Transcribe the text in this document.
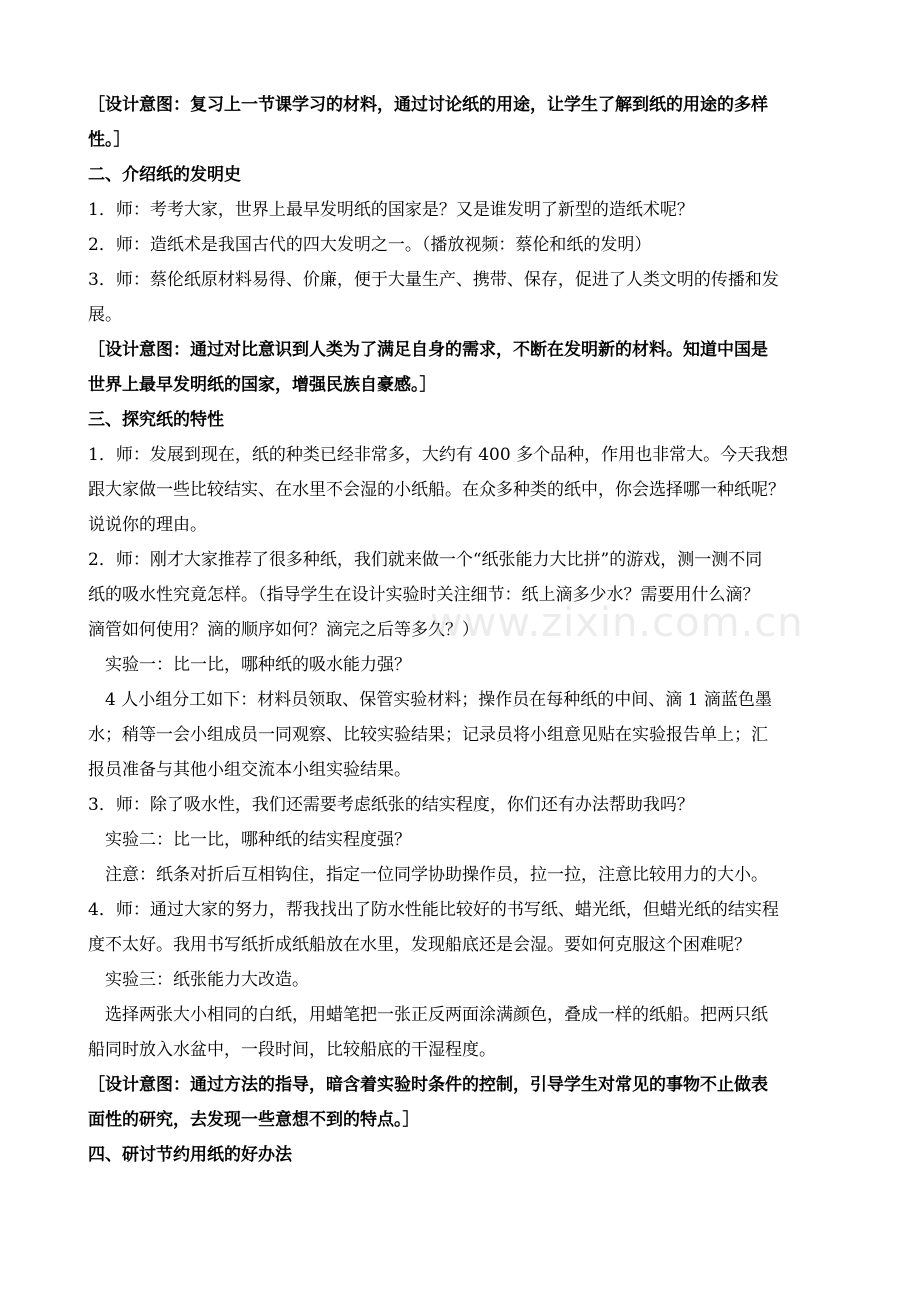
［设计意图：复习上一节课学习的材料，通过讨论纸的用途，让学生了解到纸的用途的多样
性。］
二、介绍纸的发明史
1．师：考考大家，世界上最早发明纸的国家是？又是谁发明了新型的造纸术呢？
2．师：造纸术是我国古代的四大发明之一。（播放视频：蔡伦和纸的发明）
3．师：蔡伦纸原材料易得、价廉，便于大量生产、携带、保存，促进了人类文明的传播和发
展。
［设计意图：通过对比意识到人类为了满足自身的需求，不断在发明新的材料。知道中国是
世界上最早发明纸的国家，增强民族自豪感。］
三、探究纸的特性
1．师：发展到现在，纸的种类已经非常多，大约有 400 多个品种，作用也非常大。今天我想
跟大家做一些比较结实、在水里不会湿的小纸船。在众多种类的纸中，你会选择哪一种纸呢？
说说你的理由。
2．师：刚才大家推荐了很多种纸，我们就来做一个“纸张能力大比拼”的游戏，测一测不同
纸的吸水性究竟怎样。（指导学生在设计实验时关注细节：纸上滴多少水？需要用什么滴？
滴管如何使用？滴的顺序如何？滴完之后等多久？）
　实验一：比一比，哪种纸的吸水能力强？
　4 人小组分工如下：材料员领取、保管实验材料；操作员在每种纸的中间、滴 1 滴蓝色墨
水；稍等一会小组成员一同观察、比较实验结果；记录员将小组意见贴在实验报告单上；汇
报员准备与其他小组交流本小组实验结果。
3．师：除了吸水性，我们还需要考虑纸张的结实程度，你们还有办法帮助我吗？
　实验二：比一比，哪种纸的结实程度强？
　注意：纸条对折后互相钩住，指定一位同学协助操作员，拉一拉，注意比较用力的大小。
4．师：通过大家的努力，帮我找出了防水性能比较好的书写纸、蜡光纸，但蜡光纸的结实程
度不太好。我用书写纸折成纸船放在水里，发现船底还是会湿。要如何克服这个困难呢？
　实验三：纸张能力大改造。
　选择两张大小相同的白纸，用蜡笔把一张正反两面涂满颜色，叠成一样的纸船。把两只纸
船同时放入水盆中，一段时间，比较船底的干湿程度。
［设计意图：通过方法的指导，暗含着实验时条件的控制，引导学生对常见的事物不止做表
面性的研究，去发现一些意想不到的特点。］
四、研讨节约用纸的好办法
www.zixin.com.cn
